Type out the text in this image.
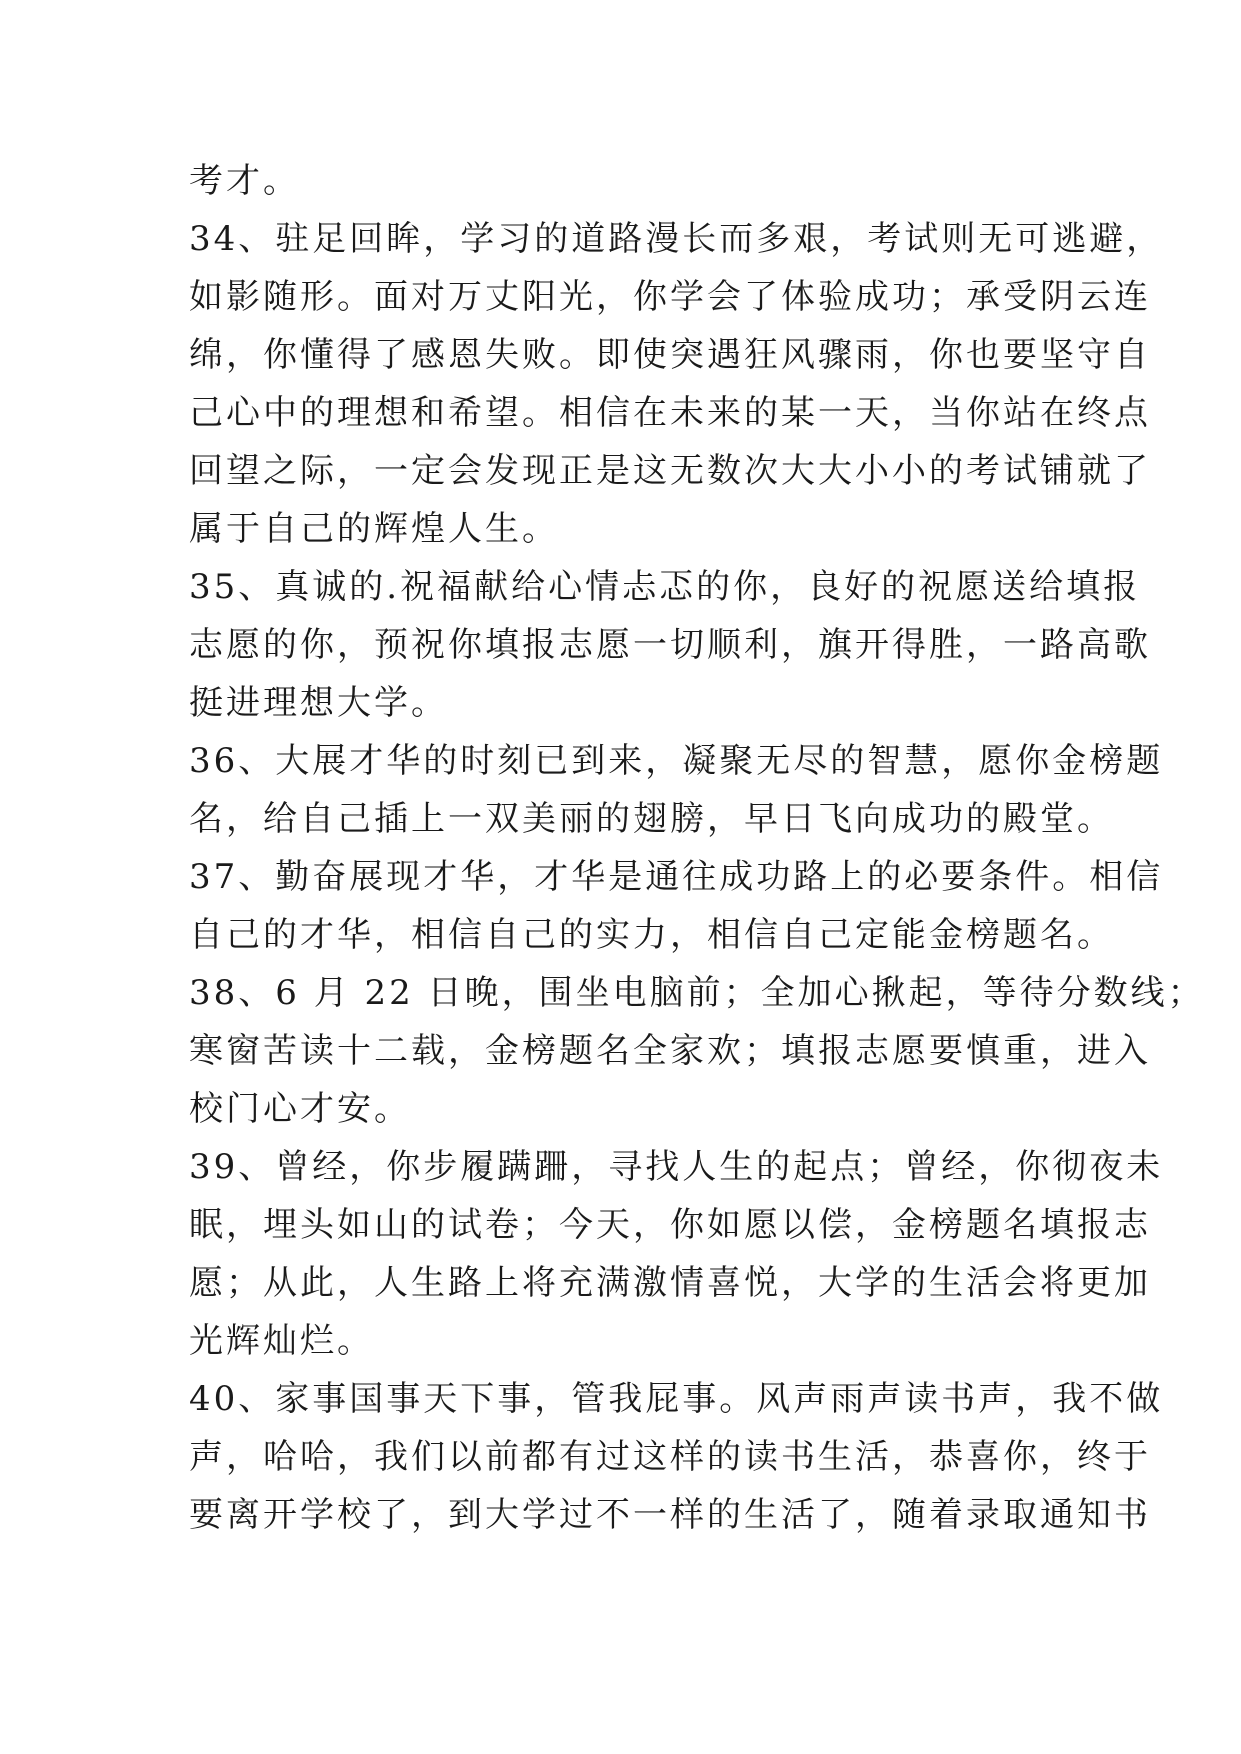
考才。
34、驻足回眸，学习的道路漫长而多艰，考试则无可逃避，
如影随形。面对万丈阳光，你学会了体验成功；承受阴云连
绵，你懂得了感恩失败。即使突遇狂风骤雨，你也要坚守自
己心中的理想和希望。相信在未来的某一天，当你站在终点
回望之际，一定会发现正是这无数次大大小小的考试铺就了
属于自己的辉煌人生。
35、真诚的.祝福献给心情忐忑的你，良好的祝愿送给填报
志愿的你，预祝你填报志愿一切顺利，旗开得胜，一路高歌
挺进理想大学。
36、大展才华的时刻已到来，凝聚无尽的智慧，愿你金榜题
名，给自己插上一双美丽的翅膀，早日飞向成功的殿堂。
37、勤奋展现才华，才华是通往成功路上的必要条件。相信
自己的才华，相信自己的实力，相信自己定能金榜题名。
38、6 月 22 日晚，围坐电脑前；全加心揪起，等待分数线；
寒窗苦读十二载，金榜题名全家欢；填报志愿要慎重，进入
校门心才安。
39、曾经，你步履蹒跚，寻找人生的起点；曾经，你彻夜未
眠，埋头如山的试卷；今天，你如愿以偿，金榜题名填报志
愿；从此，人生路上将充满激情喜悦，大学的生活会将更加
光辉灿烂。
40、家事国事天下事，管我屁事。风声雨声读书声，我不做
声，哈哈，我们以前都有过这样的读书生活，恭喜你，终于
要离开学校了，到大学过不一样的生活了，随着录取通知书
